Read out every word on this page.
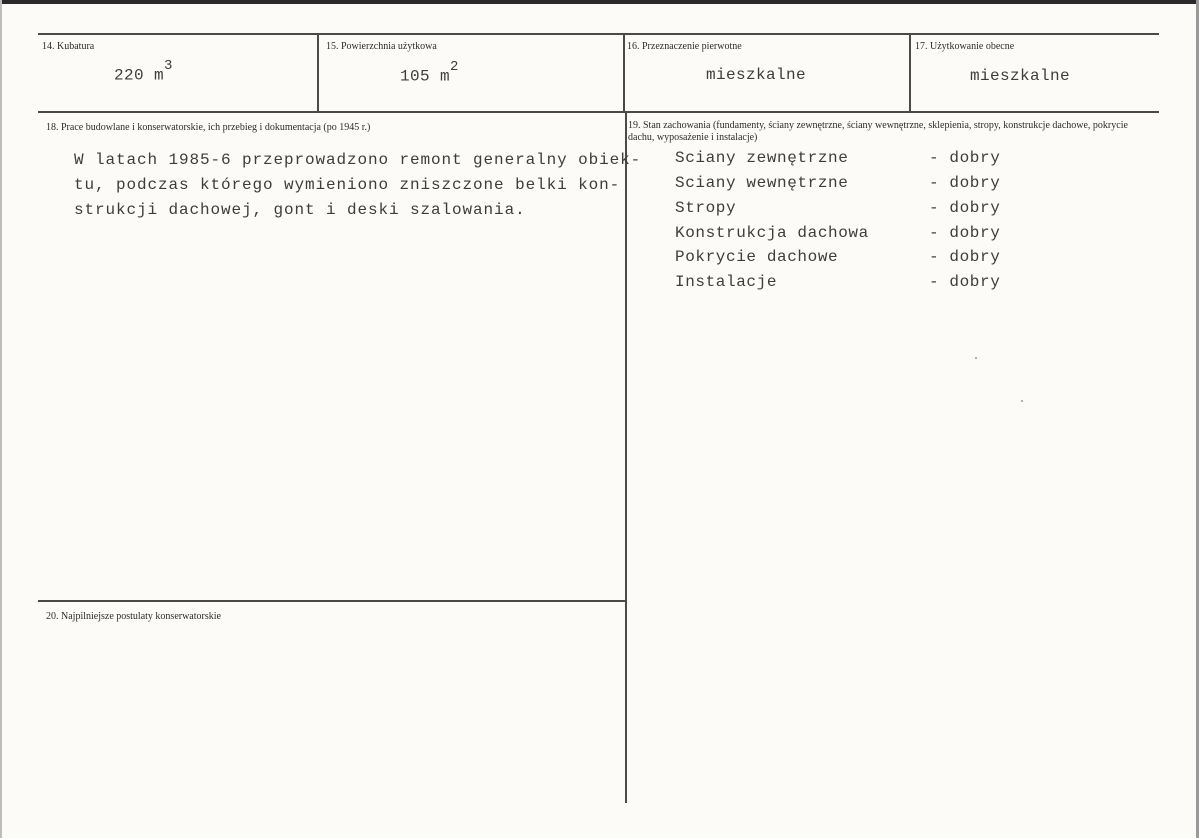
14. Kubatura
220 $m^3$
15. Powierzchnia użytkowa
105 $m^2$
16. Przeznaczenie pierwotne
mieszkalne
17. Użytkowanie obecne
mieszkalne
18. Prace budowlane i konserwatorskie, ich przebieg i dokumentacja (po 1945 r.)
W latach 1985-6 przeprowadzono remont generalny obiek-
tu, podczas którego wymieniono zniszczone belki kon-
strukcji dachowej, gont i deski szalowania.
19. Stan zachowania (fundamenty, ściany zewnętrzne, ściany wewnętrzne, sklepienia, stropy, konstrukcje dachowe, pokrycie dachu, wyposażenie i instalacje)
Sciany zewnętrzne	- dobry
Sciany wewnętrzne	- dobry
Stropy	- dobry
Konstrukcja dachowa	- dobry
Pokrycie dachowe	- dobry
Instalacje	- dobry
20. Najpilniejsze postulaty konserwatorskie
